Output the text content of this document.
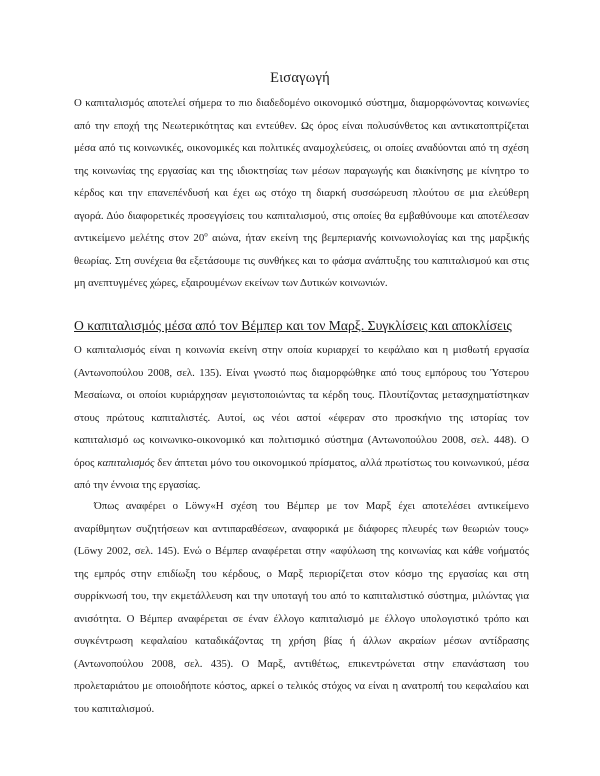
Εισαγωγή

Ο καπιταλισμός αποτελεί σήμερα το πιο διαδεδομένο οικονομικό σύστημα, διαμορφώνοντας κοινωνίες από την εποχή της Νεωτερικότητας και εντεύθεν. Ως όρος είναι πολυσύνθετος και αντικατοπτρίζεται μέσα από τις κοινωνικές, οικονομικές και πολιτικές αναμοχλεύσεις, οι οποίες αναδύονται από τη σχέση της κοινωνίας της εργασίας και της ιδιοκτησίας των μέσων παραγωγής και διακίνησης με κίνητρο το κέρδος και την επανεπένδυσή και έχει ως στόχο τη διαρκή συσσώρευση πλούτου σε μια ελεύθερη αγορά. Δύο διαφορετικές προσεγγίσεις του καπιταλισμού, στις οποίες θα εμβαθύνουμε και αποτέλεσαν αντικείμενο μελέτης στον $20^o$ αιώνα, ήταν εκείνη της βεμπεριανής κοινωνιολογίας και της μαρξικής θεωρίας. Στη συνέχεια θα εξετάσουμε τις συνθήκες και το φάσμα ανάπτυξης του καπιταλισμού και στις μη ανεπτυγμένες χώρες, εξαιρουμένων εκείνων των Δυτικών κοινωνιών.

Ο καπιταλισμός μέσα από τον Βέμπερ και τον Μαρξ. Συγκλίσεις και αποκλίσεις

Ο καπιταλισμός είναι η κοινωνία εκείνη στην οποία κυριαρχεί το κεφάλαιο και η μισθωτή εργασία (Αντωνοπούλου 2008, σελ. 135). Είναι γνωστό πως διαμορφώθηκε από τους εμπόρους του Ύστερου Μεσαίωνα, οι οποίοι κυριάρχησαν μεγιστοποιώντας τα κέρδη τους. Πλουτίζοντας μετασχηματίστηκαν στους πρώτους καπιταλιστές. Αυτοί, ως νέοι αστοί «έφεραν στο προσκήνιο της ιστορίας τον καπιταλισμό ως κοινωνικο-οικονομικό και πολιτισμικό σύστημα (Αντωνοπούλου 2008, σελ. 448). Ο όρος καπιταλισμός δεν άπτεται μόνο του οικονομικού πρίσματος, αλλά πρωτίστως του κοινωνικού, μέσα από την έννοια της εργασίας.

Όπως αναφέρει ο Löwy«Η σχέση του Βέμπερ με τον Μαρξ έχει αποτελέσει αντικείμενο αναρίθμητων συζητήσεων και αντιπαραθέσεων, αναφορικά με διάφορες πλευρές των θεωριών τους» (Löwy 2002, σελ. 145). Ενώ ο Βέμπερ αναφέρεται στην «αφύλωση της κοινωνίας και κάθε νοήματός της εμπρός στην επιδίωξη του κέρδους, ο Μαρξ περιορίζεται στον κόσμο της εργασίας και στη συρρίκνωσή του, την εκμετάλλευση και την υποταγή του από το καπιταλιστικό σύστημα, μιλώντας για ανισότητα. Ο Βέμπερ αναφέρεται σε έναν έλλογο καπιταλισμό με έλλογο υπολογιστικό τρόπο και συγκέντρωση κεφαλαίου καταδικάζοντας τη χρήση βίας ή άλλων ακραίων μέσων αντίδρασης (Αντωνοπούλου 2008, σελ. 435). Ο Μαρξ, αντιθέτως, επικεντρώνεται στην επανάσταση του προλεταριάτου με οποιοδήποτε κόστος, αρκεί ο τελικός στόχος να είναι η ανατροπή του κεφαλαίου και του καπιταλισμού.
